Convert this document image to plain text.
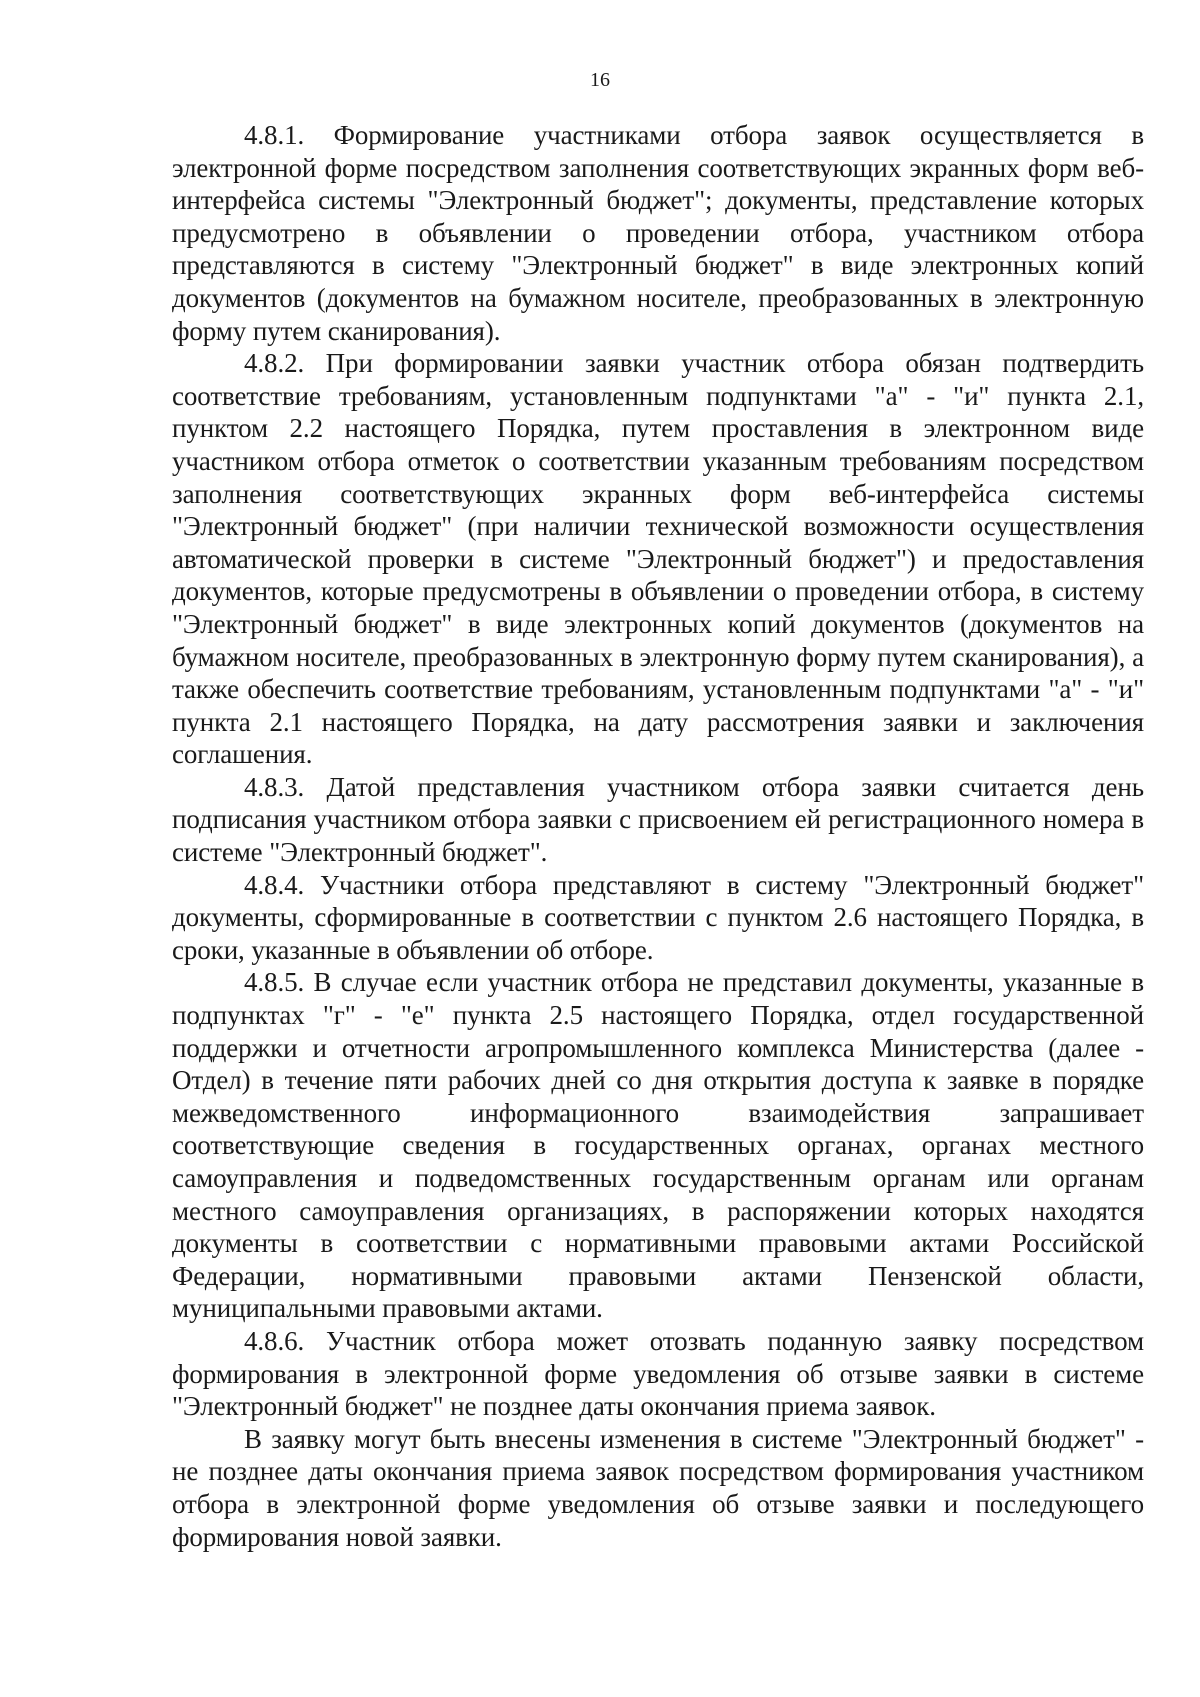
16

4.8.1. Формирование участниками отбора заявок осуществляется в электронной форме посредством заполнения соответствующих экранных форм веб-интерфейса системы "Электронный бюджет"; документы, представление которых предусмотрено в объявлении о проведении отбора, участником отбора представляются в систему "Электронный бюджет" в виде электронных копий документов (документов на бумажном носителе, преобразованных в электронную форму путем сканирования).

4.8.2. При формировании заявки участник отбора обязан подтвердить соответствие требованиям, установленным подпунктами "а" - "и" пункта 2.1, пунктом 2.2 настоящего Порядка, путем проставления в электронном виде участником отбора отметок о соответствии указанным требованиям посредством заполнения соответствующих экранных форм веб-интерфейса системы "Электронный бюджет" (при наличии технической возможности осуществления автоматической проверки в системе "Электронный бюджет") и предоставления документов, которые предусмотрены в объявлении о проведении отбора, в систему "Электронный бюджет" в виде электронных копий документов (документов на бумажном носителе, преобразованных в электронную форму путем сканирования), а также обеспечить соответствие требованиям, установленным подпунктами "а" - "и" пункта 2.1 настоящего Порядка, на дату рассмотрения заявки и заключения соглашения.

4.8.3. Датой представления участником отбора заявки считается день подписания участником отбора заявки с присвоением ей регистрационного номера в системе "Электронный бюджет".

4.8.4. Участники отбора представляют в систему "Электронный бюджет" документы, сформированные в соответствии с пунктом 2.6 настоящего Порядка, в сроки, указанные в объявлении об отборе.

4.8.5. В случае если участник отбора не представил документы, указанные в подпунктах "г" - "е" пункта 2.5 настоящего Порядка, отдел государственной поддержки и отчетности агропромышленного комплекса Министерства (далее - Отдел) в течение пяти рабочих дней со дня открытия доступа к заявке в порядке межведомственного информационного взаимодействия запрашивает соответствующие сведения в государственных органах, органах местного самоуправления и подведомственных государственным органам или органам местного самоуправления организациях, в распоряжении которых находятся документы в соответствии с нормативными правовыми актами Российской Федерации, нормативными правовыми актами Пензенской области, муниципальными правовыми актами.

4.8.6. Участник отбора может отозвать поданную заявку посредством формирования в электронной форме уведомления об отзыве заявки в системе "Электронный бюджет" не позднее даты окончания приема заявок.

В заявку могут быть внесены изменения в системе "Электронный бюджет" - не позднее даты окончания приема заявок посредством формирования участником отбора в электронной форме уведомления об отзыве заявки и последующего формирования новой заявки.
